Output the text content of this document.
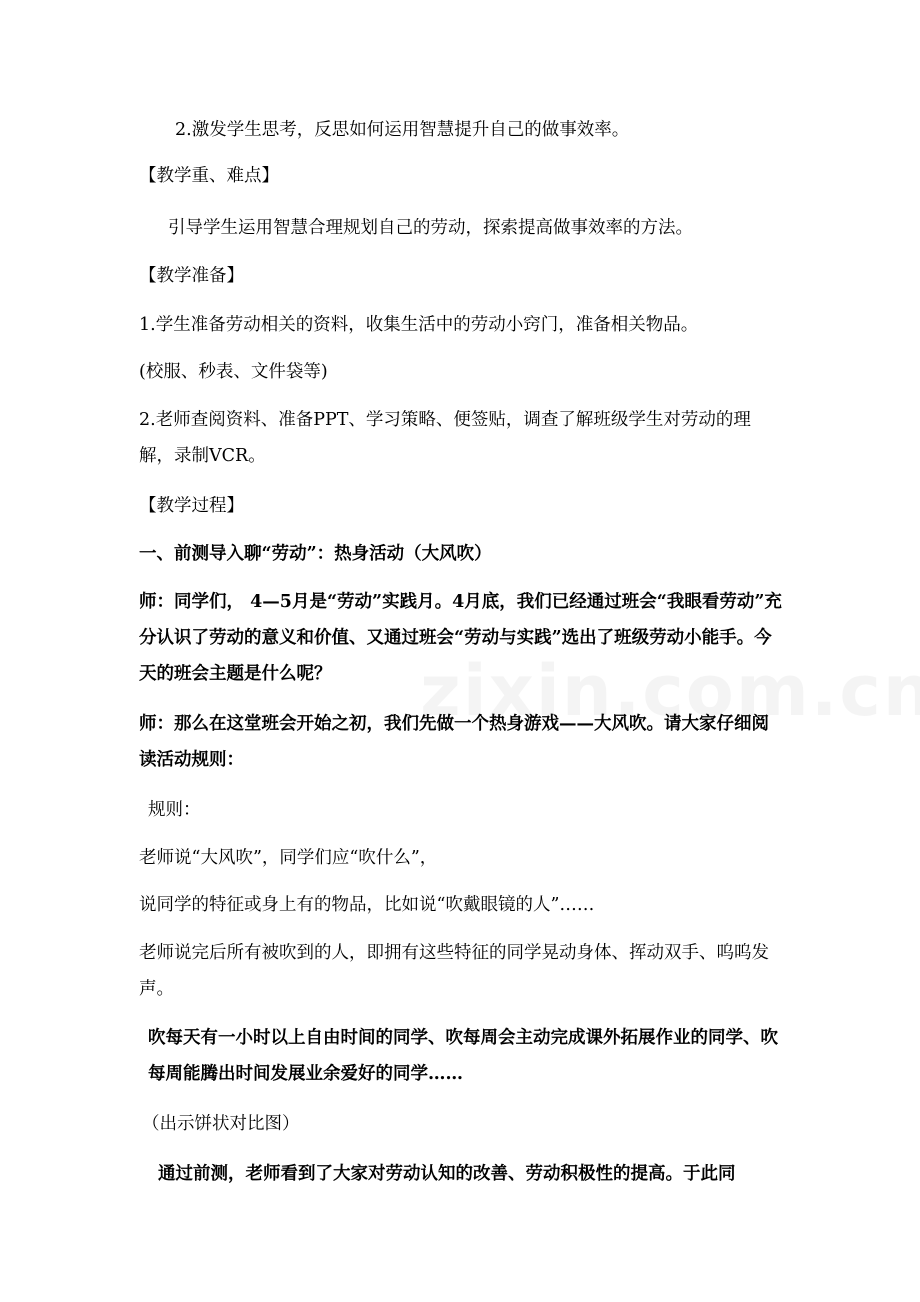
2.激发学生思考，反思如何运用智慧提升自己的做事效率。
【教学重、难点】
引导学生运用智慧合理规划自己的劳动，探索提高做事效率的方法。
【教学准备】
1.学生准备劳动相关的资料，收集生活中的劳动小窍门，准备相关物品。
(校服、秒表、文件袋等)
2.老师查阅资料、准备PPT、学习策略、便签贴，调查了解班级学生对劳动的理解，录制VCR。
【教学过程】
一、前测导入聊“劳动”：热身活动（大风吹）
师：同学们， 4—5月是“劳动”实践月。4月底，我们已经通过班会“我眼看劳动”充分认识了劳动的意义和价值、又通过班会“劳动与实践”选出了班级劳动小能手。今天的班会主题是什么呢？
师：那么在这堂班会开始之初，我们先做一个热身游戏——大风吹。请大家仔细阅读活动规则：
规则：
老师说“大风吹”，同学们应“吹什么”，
说同学的特征或身上有的物品，比如说“吹戴眼镜的人”……
老师说完后所有被吹到的人，即拥有这些特征的同学晃动身体、挥动双手、呜呜发声。
吹每天有一小时以上自由时间的同学、吹每周会主动完成课外拓展作业的同学、吹每周能腾出时间发展业余爱好的同学……
（出示饼状对比图）
通过前测，老师看到了大家对劳动认知的改善、劳动积极性的提高。于此同
